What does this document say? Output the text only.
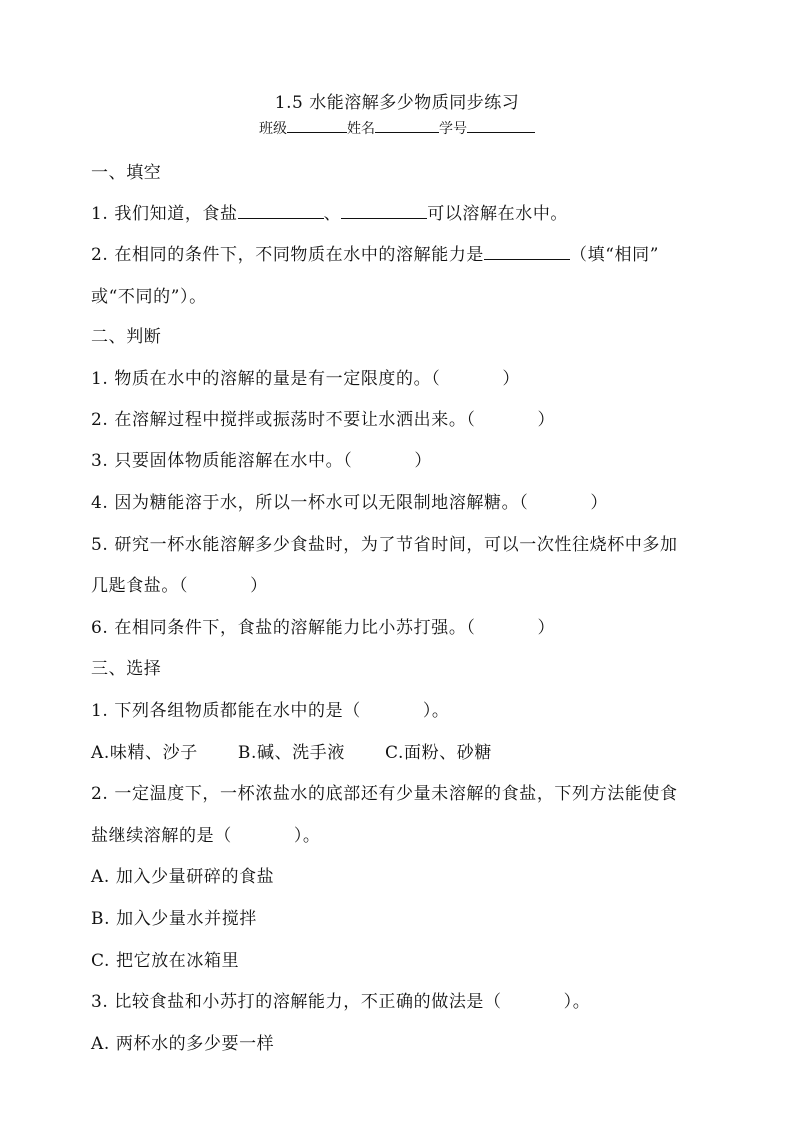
1.5 水能溶解多少物质同步练习
班级	姓名	学号
一、填空
1. 我们知道，食盐	、	可以溶解在水中。
2. 在相同的条件下，不同物质在水中的溶解能力是	（填“相同”
或“不同的”）。
二、判断
1. 物质在水中的溶解的量是有一定限度的。（	）
2. 在溶解过程中搅拌或振荡时不要让水洒出来。（	）
3. 只要固体物质能溶解在水中。（	）
4. 因为糖能溶于水，所以一杯水可以无限制地溶解糖。（	）
5. 研究一杯水能溶解多少食盐时，为了节省时间，可以一次性往烧杯中多加
几匙食盐。（	）
6. 在相同条件下，食盐的溶解能力比小苏打强。（	）
三、选择
1. 下列各组物质都能在水中的是（	）。
A.味精、沙子 B.碱、洗手液 C.面粉、砂糖
2. 一定温度下，一杯浓盐水的底部还有少量未溶解的食盐，下列方法能使食
盐继续溶解的是（	）。
A. 加入少量研碎的食盐
B. 加入少量水并搅拌
C. 把它放在冰箱里
3. 比较食盐和小苏打的溶解能力，不正确的做法是（	）。
A. 两杯水的多少要一样
